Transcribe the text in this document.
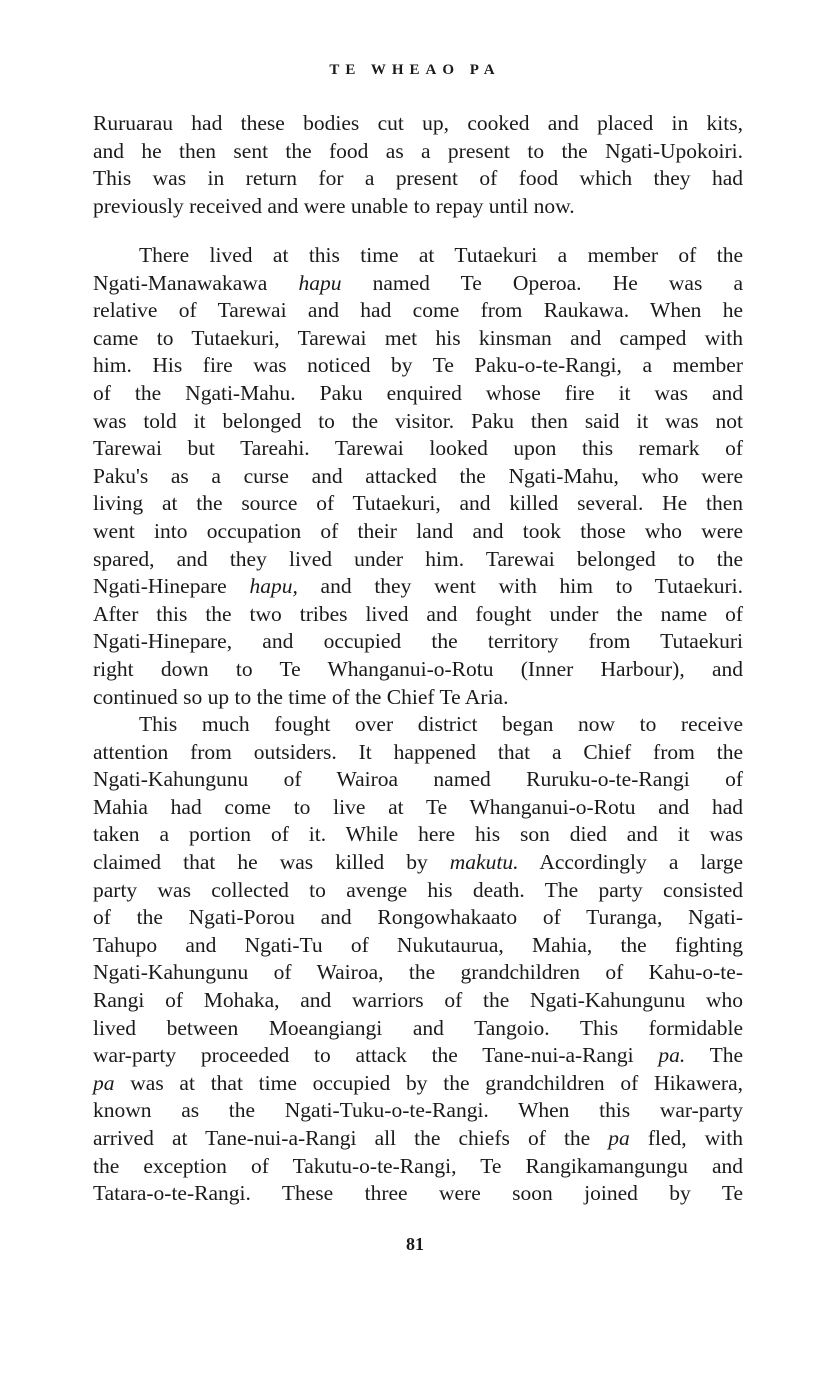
TE WHEAO PA
Ruruarau had these bodies cut up, cooked and placed in kits,
and he then sent the food as a present to the Ngati-Upokoiri.
This was in return for a present of food which they had
previously received and were unable to repay until now.
There lived at this time at Tutaekuri a member of the
Ngati-Manawakawa hapu named Te Operoa. He was a
relative of Tarewai and had come from Raukawa. When he
came to Tutaekuri, Tarewai met his kinsman and camped with
him. His fire was noticed by Te Paku-o-te-Rangi, a member
of the Ngati-Mahu. Paku enquired whose fire it was and
was told it belonged to the visitor. Paku then said it was not
Tarewai but Tareahi. Tarewai looked upon this remark of
Paku's as a curse and attacked the Ngati-Mahu, who were
living at the source of Tutaekuri, and killed several. He then
went into occupation of their land and took those who were
spared, and they lived under him. Tarewai belonged to the
Ngati-Hinepare hapu, and they went with him to Tutaekuri.
After this the two tribes lived and fought under the name of
Ngati-Hinepare, and occupied the territory from Tutaekuri
right down to Te Whanganui-o-Rotu (Inner Harbour), and
continued so up to the time of the Chief Te Aria.
This much fought over district began now to receive
attention from outsiders. It happened that a Chief from the
Ngati-Kahungunu of Wairoa named Ruruku-o-te-Rangi of
Mahia had come to live at Te Whanganui-o-Rotu and had
taken a portion of it. While here his son died and it was
claimed that he was killed by makutu. Accordingly a large
party was collected to avenge his death. The party consisted
of the Ngati-Porou and Rongowhakaato of Turanga, Ngati-
Tahupo and Ngati-Tu of Nukutaurua, Mahia, the fighting
Ngati-Kahungunu of Wairoa, the grandchildren of Kahu-o-te-
Rangi of Mohaka, and warriors of the Ngati-Kahungunu who
lived between Moeangiangi and Tangoio. This formidable
war-party proceeded to attack the Tane-nui-a-Rangi pa. The
pa was at that time occupied by the grandchildren of Hikawera,
known as the Ngati-Tuku-o-te-Rangi. When this war-party
arrived at Tane-nui-a-Rangi all the chiefs of the pa fled, with
the exception of Takutu-o-te-Rangi, Te Rangikamangungu and
Tatara-o-te-Rangi. These three were soon joined by Te
81
